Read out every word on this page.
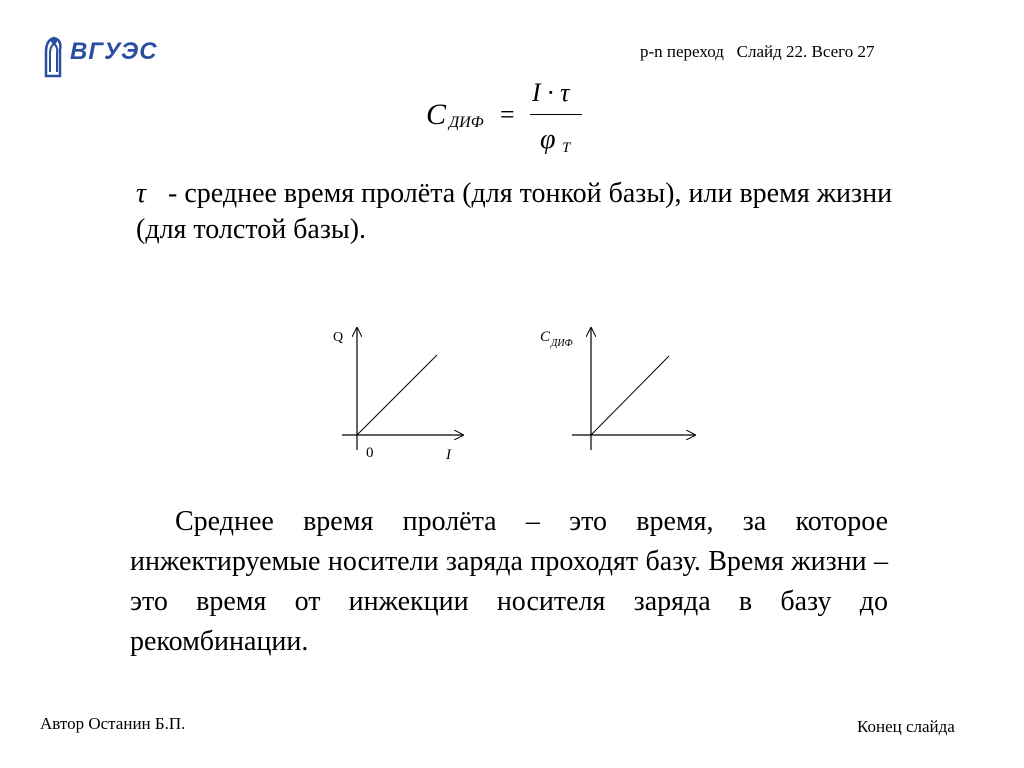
ВГУЭС	p-n переход   Слайд 22. Всего 27
C ДИФ =
I · τ
φ T
τ - среднее время пролёта (для тонкой базы), или время жизни (для толстой базы).
Q
0	I
C ДИФ
Среднее время пролёта – это время, за которое инжектируемые носители заряда проходят базу. Время жизни – это время от инжекции носителя заряда в базу до рекомбинации.
Автор Останин Б.П.	Конец слайда
